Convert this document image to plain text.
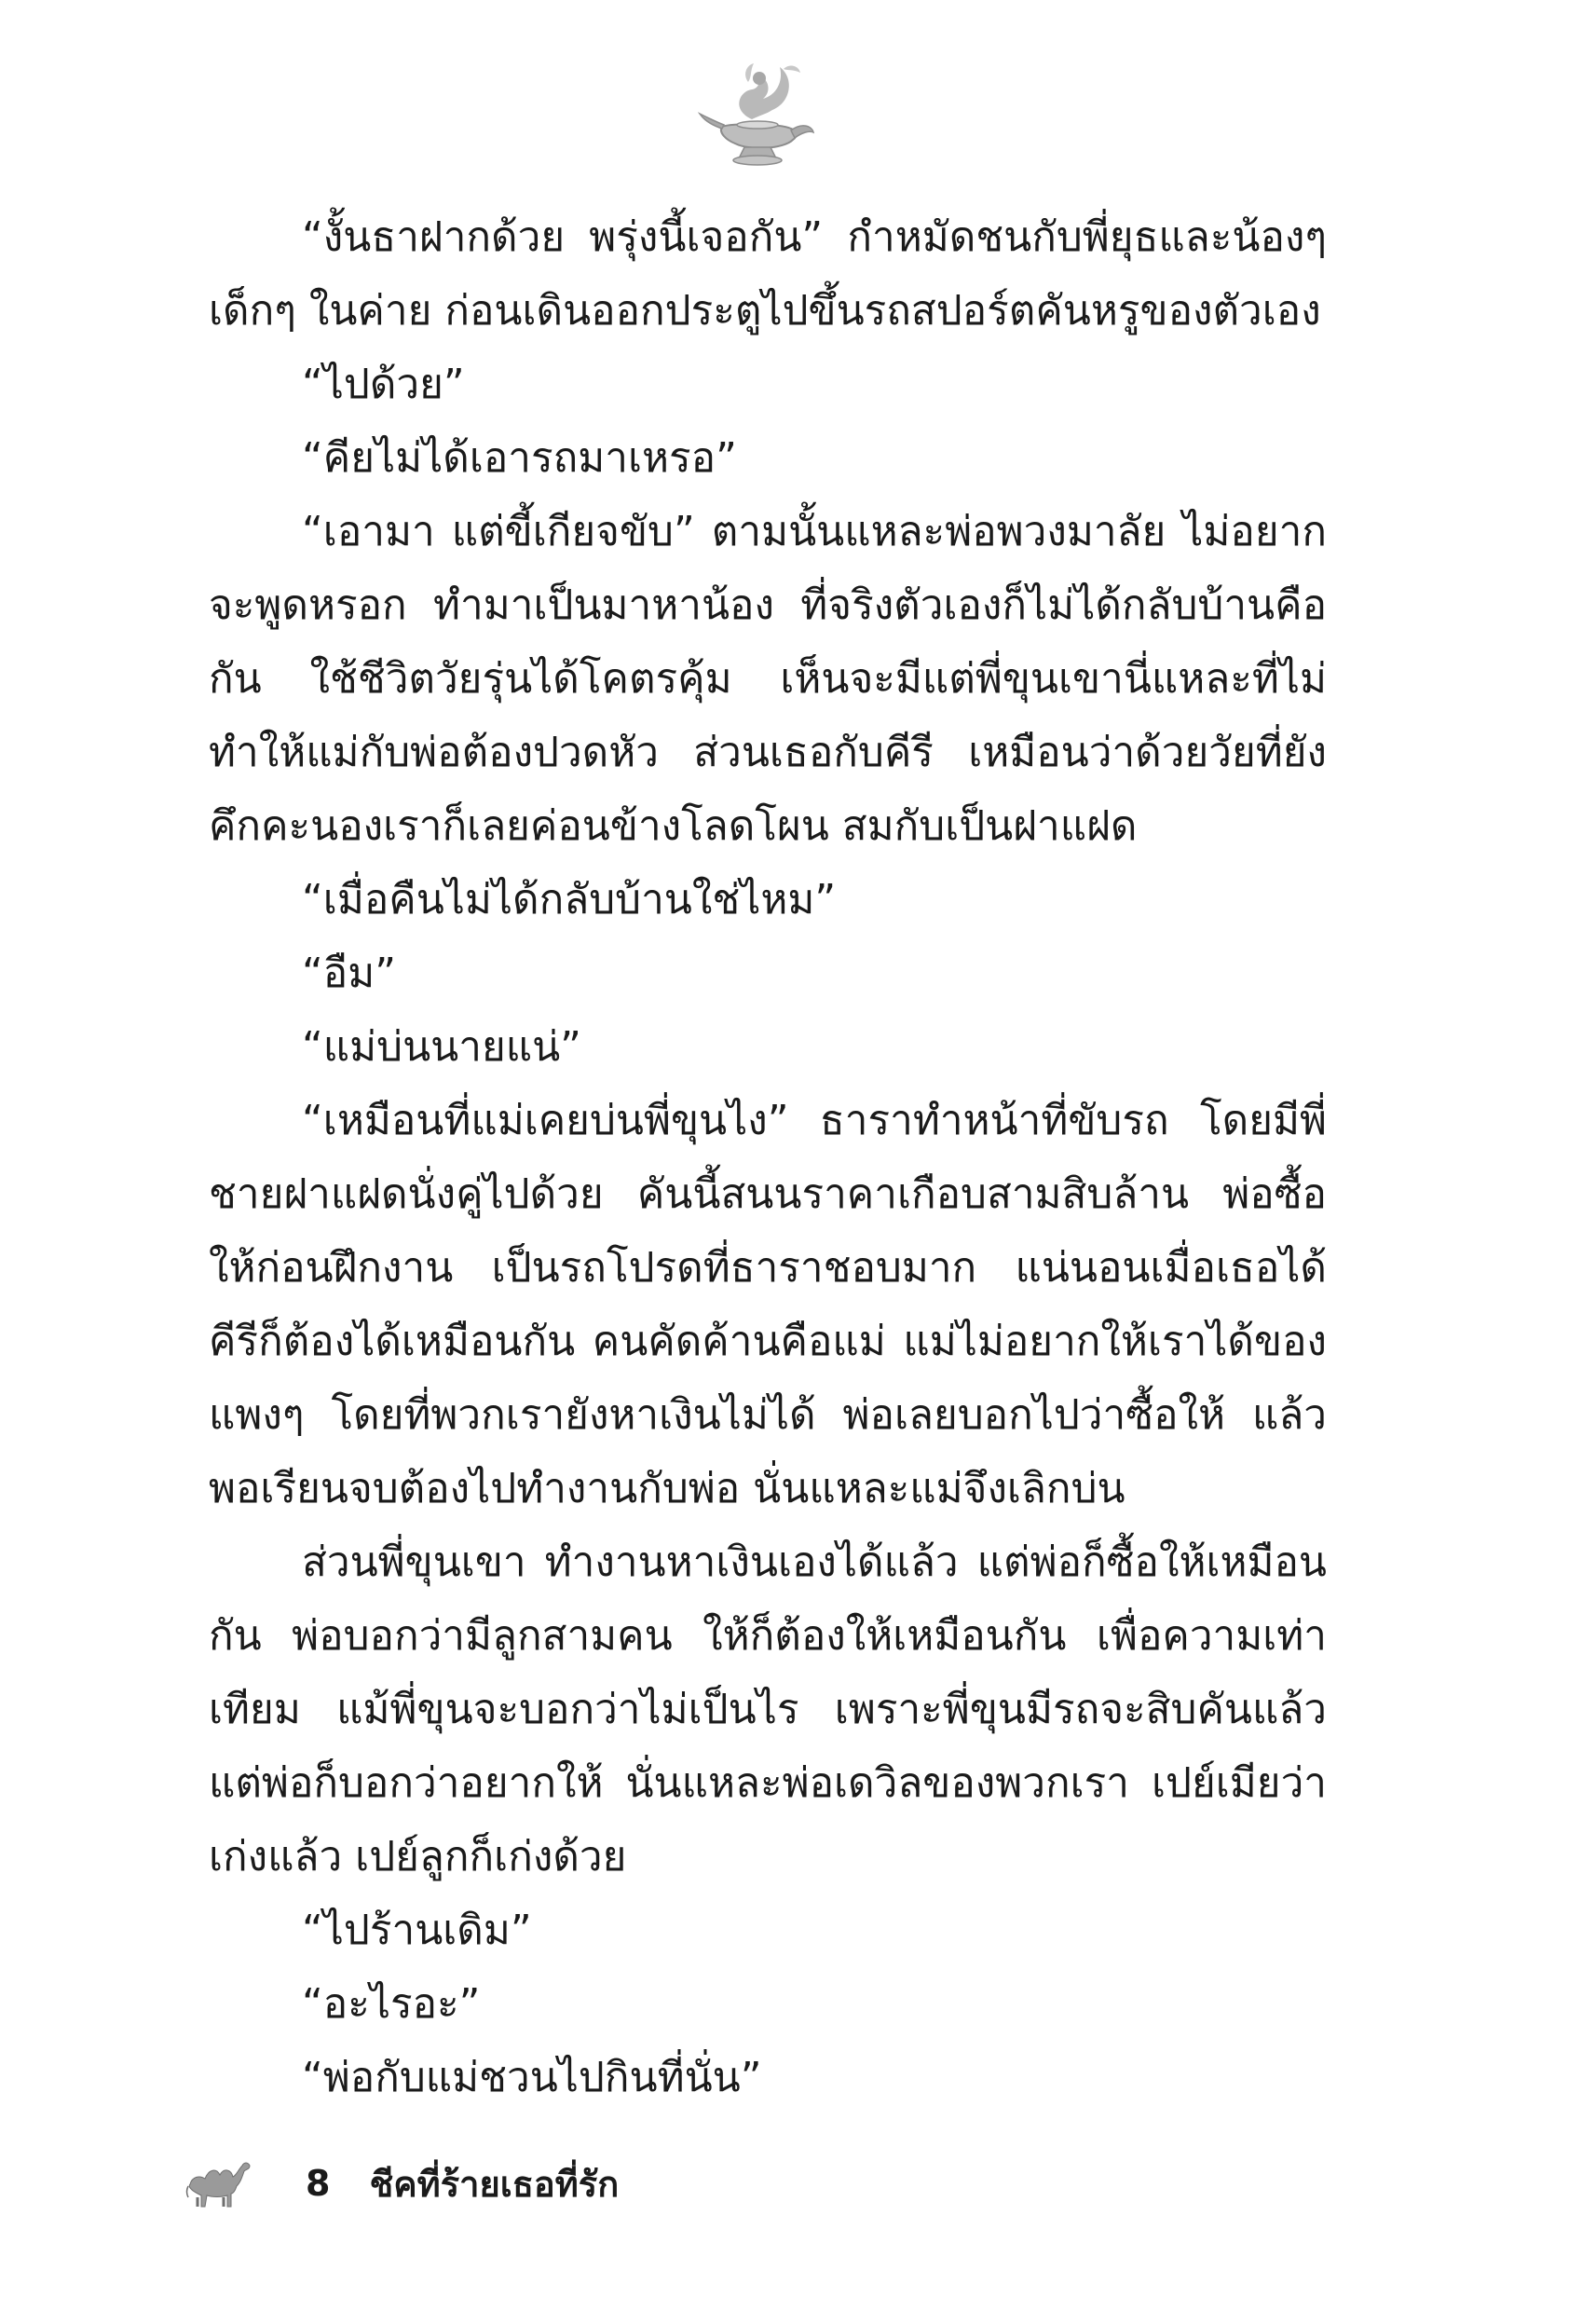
“งั้นธาฝากด้วย พรุ่งนี้เจอกัน” กำหมัดชนกับพี่ยุธและน้องๆ เด็กๆ ในค่าย ก่อนเดินออกประตูไปขึ้นรถสปอร์ตคันหรูของตัวเอง

“ไปด้วย”

“คียไม่ได้เอารถมาเหรอ”

“เอามา แต่ขี้เกียจขับ” ตามนั้นแหละพ่อพวงมาลัย ไม่อยากจะพูดหรอก ทำมาเป็นมาหาน้อง ที่จริงตัวเองก็ไม่ได้กลับบ้านคือกัน ใช้ชีวิตวัยรุ่นได้โคตรคุ้ม เห็นจะมีแต่พี่ขุนเขานี่แหละที่ไม่ทำให้แม่กับพ่อต้องปวดหัว ส่วนเธอกับคีรี เหมือนว่าด้วยวัยที่ยังคึกคะนองเราก็เลยค่อนข้างโลดโผน สมกับเป็นฝาแฝด

“เมื่อคืนไม่ได้กลับบ้านใช่ไหม”

“อืม”

“แม่บ่นนายแน่”

“เหมือนที่แม่เคยบ่นพี่ขุนไง” ธาราทำหน้าที่ขับรถ โดยมีพี่ชายฝาแฝดนั่งคู่ไปด้วย คันนี้สนนราคาเกือบสามสิบล้าน พ่อซื้อให้ก่อนฝึกงาน เป็นรถโปรดที่ธาราชอบมาก แน่นอนเมื่อเธอได้ คีรีก็ต้องได้เหมือนกัน คนคัดค้านคือแม่ แม่ไม่อยากให้เราได้ของแพงๆ โดยที่พวกเรายังหาเงินไม่ได้ พ่อเลยบอกไปว่าซื้อให้ แล้วพอเรียนจบต้องไปทำงานกับพ่อ นั่นแหละแม่จึงเลิกบ่น

ส่วนพี่ขุนเขา ทำงานหาเงินเองได้แล้ว แต่พ่อก็ซื้อให้เหมือนกัน พ่อบอกว่ามีลูกสามคน ให้ก็ต้องให้เหมือนกัน เพื่อความเท่าเทียม แม้พี่ขุนจะบอกว่าไม่เป็นไร เพราะพี่ขุนมีรถจะสิบคันแล้ว แต่พ่อก็บอกว่าอยากให้ นั่นแหละพ่อเดวิลของพวกเรา เปย์เมียว่าเก่งแล้ว เปย์ลูกก็เก่งด้วย

“ไปร้านเดิม”

“อะไรอะ”

“พ่อกับแม่ชวนไปกินที่นั่น”

8 ชีคที่ร้ายเธอที่รัก
